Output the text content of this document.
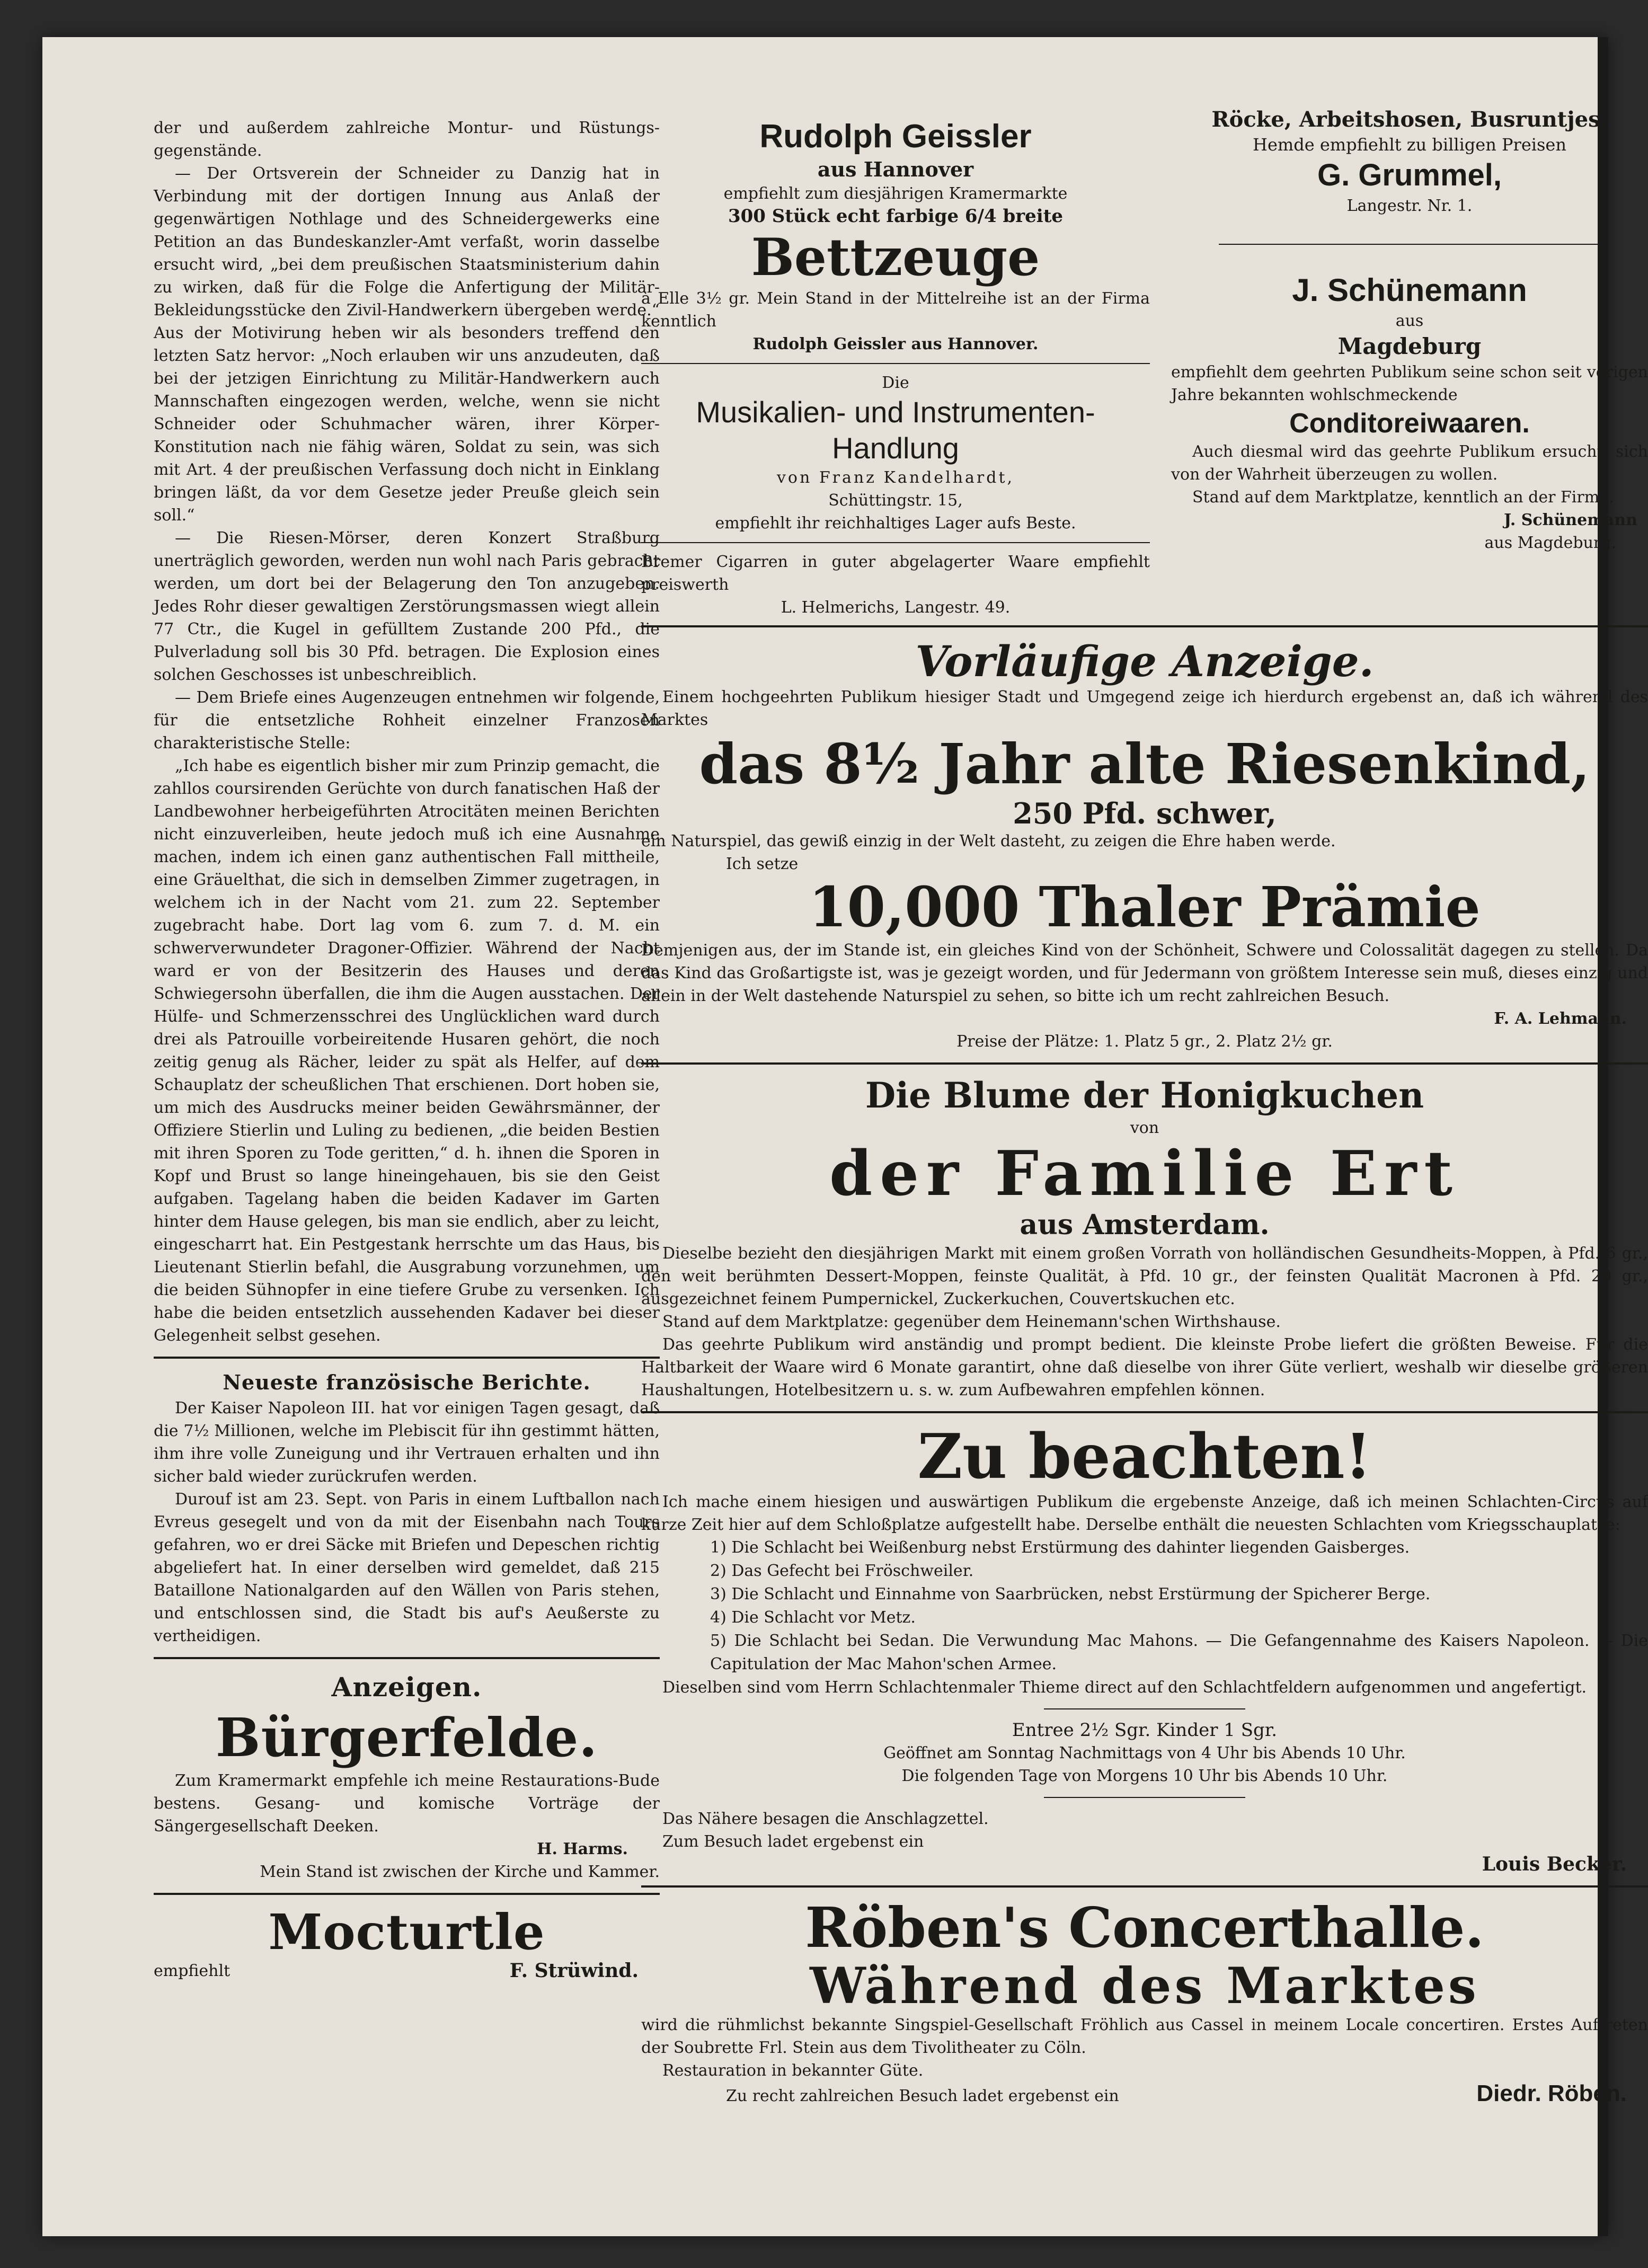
der und außerdem zahlreiche Montur- und Rüstungs-gegenstände.

— Der Ortsverein der Schneider zu Danzig hat in Verbindung mit der dortigen Innung aus Anlaß der gegenwärtigen Nothlage und des Schneidergewerks eine Petition an das Bundeskanzler-Amt verfaßt, worin dasselbe ersucht wird, „bei dem preußischen Staatsministerium dahin zu wirken, daß für die Folge die Anfertigung der Militär-Bekleidungsstücke den Zivil-Handwerkern übergeben werde.“ Aus der Motivirung heben wir als besonders treffend den letzten Satz hervor: „Noch erlauben wir uns anzudeuten, daß bei der jetzigen Einrichtung zu Militär-Handwerkern auch Mannschaften eingezogen werden, welche, wenn sie nicht Schneider oder Schuhmacher wären, ihrer Körper-Konstitution nach nie fähig wären, Soldat zu sein, was sich mit Art. 4 der preußischen Verfassung doch nicht in Einklang bringen läßt, da vor dem Gesetze jeder Preuße gleich sein soll.“

— Die Riesen-Mörser, deren Konzert Straßburg unerträglich geworden, werden nun wohl nach Paris gebracht werden, um dort bei der Belagerung den Ton anzugeben. Jedes Rohr dieser gewaltigen Zerstörungsmassen wiegt allein 77 Ctr., die Kugel in gefülltem Zustande 200 Pfd., die Pulverladung soll bis 30 Pfd. betragen. Die Explosion eines solchen Geschosses ist unbeschreiblich.

— Dem Briefe eines Augenzeugen entnehmen wir folgende, für die entsetzliche Rohheit einzelner Franzosen charakteristische Stelle:

„Ich habe es eigentlich bisher mir zum Prinzip gemacht, die zahllos coursirenden Gerüchte von durch fanatischen Haß der Landbewohner herbeigeführten Atrocitäten meinen Berichten nicht einzuverleiben, heute jedoch muß ich eine Ausnahme machen, indem ich einen ganz authentischen Fall mittheile, eine Gräuelthat, die sich in demselben Zimmer zugetragen, in welchem ich in der Nacht vom 21. zum 22. September zugebracht habe. Dort lag vom 6. zum 7. d. M. ein schwerverwundeter Dragoner-Offizier. Während der Nacht ward er von der Besitzerin des Hauses und deren Schwiegersohn überfallen, die ihm die Augen ausstachen. Der Hülfe- und Schmerzensschrei des Unglücklichen ward durch drei als Patrouille vorbeireitende Husaren gehört, die noch zeitig genug als Rächer, leider zu spät als Helfer, auf dem Schauplatz der scheußlichen That erschienen. Dort hoben sie, um mich des Ausdrucks meiner beiden Gewährsmänner, der Offiziere Stierlin und Luling zu bedienen, „die beiden Bestien mit ihren Sporen zu Tode geritten,“ d. h. ihnen die Sporen in Kopf und Brust so lange hineingehauen, bis sie den Geist aufgaben. Tagelang haben die beiden Kadaver im Garten hinter dem Hause gelegen, bis man sie endlich, aber zu leicht, eingescharrt hat. Ein Pestgestank herrschte um das Haus, bis Lieutenant Stierlin befahl, die Ausgrabung vorzunehmen, um die beiden Sühnopfer in eine tiefere Grube zu versenken. Ich habe die beiden entsetzlich aussehenden Kadaver bei dieser Gelegenheit selbst gesehen.

Neueste französische Berichte.

Der Kaiser Napoleon III. hat vor einigen Tagen gesagt, daß die 7½ Millionen, welche im Plebiscit für ihn gestimmt hätten, ihm ihre volle Zuneigung und ihr Vertrauen erhalten und ihn sicher bald wieder zurückrufen werden.

Durouf ist am 23. Sept. von Paris in einem Luftballon nach Evreus gesegelt und von da mit der Eisenbahn nach Tours gefahren, wo er drei Säcke mit Briefen und Depeschen richtig abgeliefert hat. In einer derselben wird gemeldet, daß 215 Bataillone Nationalgarden auf den Wällen von Paris stehen, und entschlossen sind, die Stadt bis auf's Aeußerste zu vertheidigen.

Anzeigen.
Bürgerfelde.

Zum Kramermarkt empfehle ich meine Restaurations-Bude bestens. Gesang- und komische Vorträge der Sängergesellschaft Deeken.

H. Harms.

Mein Stand ist zwischen der Kirche und Kammer.

Mocturtle
empfiehlt	F. Strüwind.
Rudolph Geissler
aus Hannover

empfiehlt zum diesjährigen Kramermarkte

300 Stück echt farbige 6/4 breite

Bettzeuge

à Elle 3½ gr. Mein Stand in der Mittelreihe ist an der Firma kenntlich

Rudolph Geissler aus Hannover.

Die

Musikalien- und Instrumenten-Handlung

von Franz Kandelhardt,

Schüttingstr. 15,

empfiehlt ihr reichhaltiges Lager aufs Beste.

Bremer Cigarren in guter abgelagerter Waare empfiehlt preiswerth

L. Helmerichs, Langestr. 49.

Röcke, Arbeitshosen, Busruntjes,

Hemde empfiehlt zu billigen Preisen

G. Grummel,

Langestr. Nr. 1.

J. Schünemann

aus

Magdeburg

empfiehlt dem geehrten Publikum seine schon seit vorigen Jahre bekannten wohlschmeckende

Conditoreiwaaren.

Auch diesmal wird das geehrte Publikum ersucht, sich von der Wahrheit überzeugen zu wollen.

Stand auf dem Marktplatze, kenntlich an der Firma.

J. Schünemann

aus Magdeburg.

Vorläufige Anzeige.

Einem hochgeehrten Publikum hiesiger Stadt und Umgegend zeige ich hierdurch ergebenst an, daß ich während des Marktes

das 8½ Jahr alte Riesenkind,
250 Pfd. schwer,

ein Naturspiel, das gewiß einzig in der Welt dasteht, zu zeigen die Ehre haben werde.

Ich setze

10,000 Thaler Prämie

Demjenigen aus, der im Stande ist, ein gleiches Kind von der Schönheit, Schwere und Colossalität dagegen zu stellen. Da das Kind das Großartigste ist, was je gezeigt worden, und für Jedermann von größtem Interesse sein muß, dieses einzig und allein in der Welt dastehende Naturspiel zu sehen, so bitte ich um recht zahlreichen Besuch.

F. A. Lehmann.

Preise der Plätze: 1. Platz 5 gr., 2. Platz 2½ gr.

Die Blume der Honigkuchen

von

der Familie Ert
aus Amsterdam.

Dieselbe bezieht den diesjährigen Markt mit einem großen Vorrath von holländischen Gesundheits-Moppen, à Pfd. 6 gr., den weit berühmten Dessert-Moppen, feinste Qualität, à Pfd. 10 gr., der feinsten Qualität Macronen à Pfd. 20 gr., ausgezeichnet feinem Pumpernickel, Zuckerkuchen, Couvertskuchen etc.

Stand auf dem Marktplatze: gegenüber dem Heinemann'schen Wirthshause.

Das geehrte Publikum wird anständig und prompt bedient. Die kleinste Probe liefert die größten Beweise. Für die Haltbarkeit der Waare wird 6 Monate garantirt, ohne daß dieselbe von ihrer Güte verliert, weshalb wir dieselbe größeren Haushaltungen, Hotelbesitzern u. s. w. zum Aufbewahren empfehlen können.

Zu beachten!

Ich mache einem hiesigen und auswärtigen Publikum die ergebenste Anzeige, daß ich meinen Schlachten-Circus auf kurze Zeit hier auf dem Schloßplatze aufgestellt habe. Derselbe enthält die neuesten Schlachten vom Kriegsschauplatze:

1) Die Schlacht bei Weißenburg nebst Erstürmung des dahinter liegenden Gaisberges.
2) Das Gefecht bei Fröschweiler.
3) Die Schlacht und Einnahme von Saarbrücken, nebst Erstürmung der Spicherer Berge.
4) Die Schlacht vor Metz.
5) Die Schlacht bei Sedan. Die Verwundung Mac Mahons. — Die Gefangennahme des Kaisers Napoleon. — Die Capitulation der Mac Mahon'schen Armee.

Dieselben sind vom Herrn Schlachtenmaler Thieme direct auf den Schlachtfeldern aufgenommen und angefertigt.

Entree 2½ Sgr. Kinder 1 Sgr.

Geöffnet am Sonntag Nachmittags von 4 Uhr bis Abends 10 Uhr.

Die folgenden Tage von Morgens 10 Uhr bis Abends 10 Uhr.

Das Nähere besagen die Anschlagzettel.

Zum Besuch ladet ergebenst ein

Louis Becker.

Röben's Concerthalle.
Während des Marktes

wird die rühmlichst bekannte Singspiel-Gesellschaft Fröhlich aus Cassel in meinem Locale concertiren. Erstes Auftreten der Soubrette Frl. Stein aus dem Tivolitheater zu Cöln.

Restauration in bekannter Güte.

Zu recht zahlreichen Besuch ladet ergebenst ein	Diedr. Röben.
